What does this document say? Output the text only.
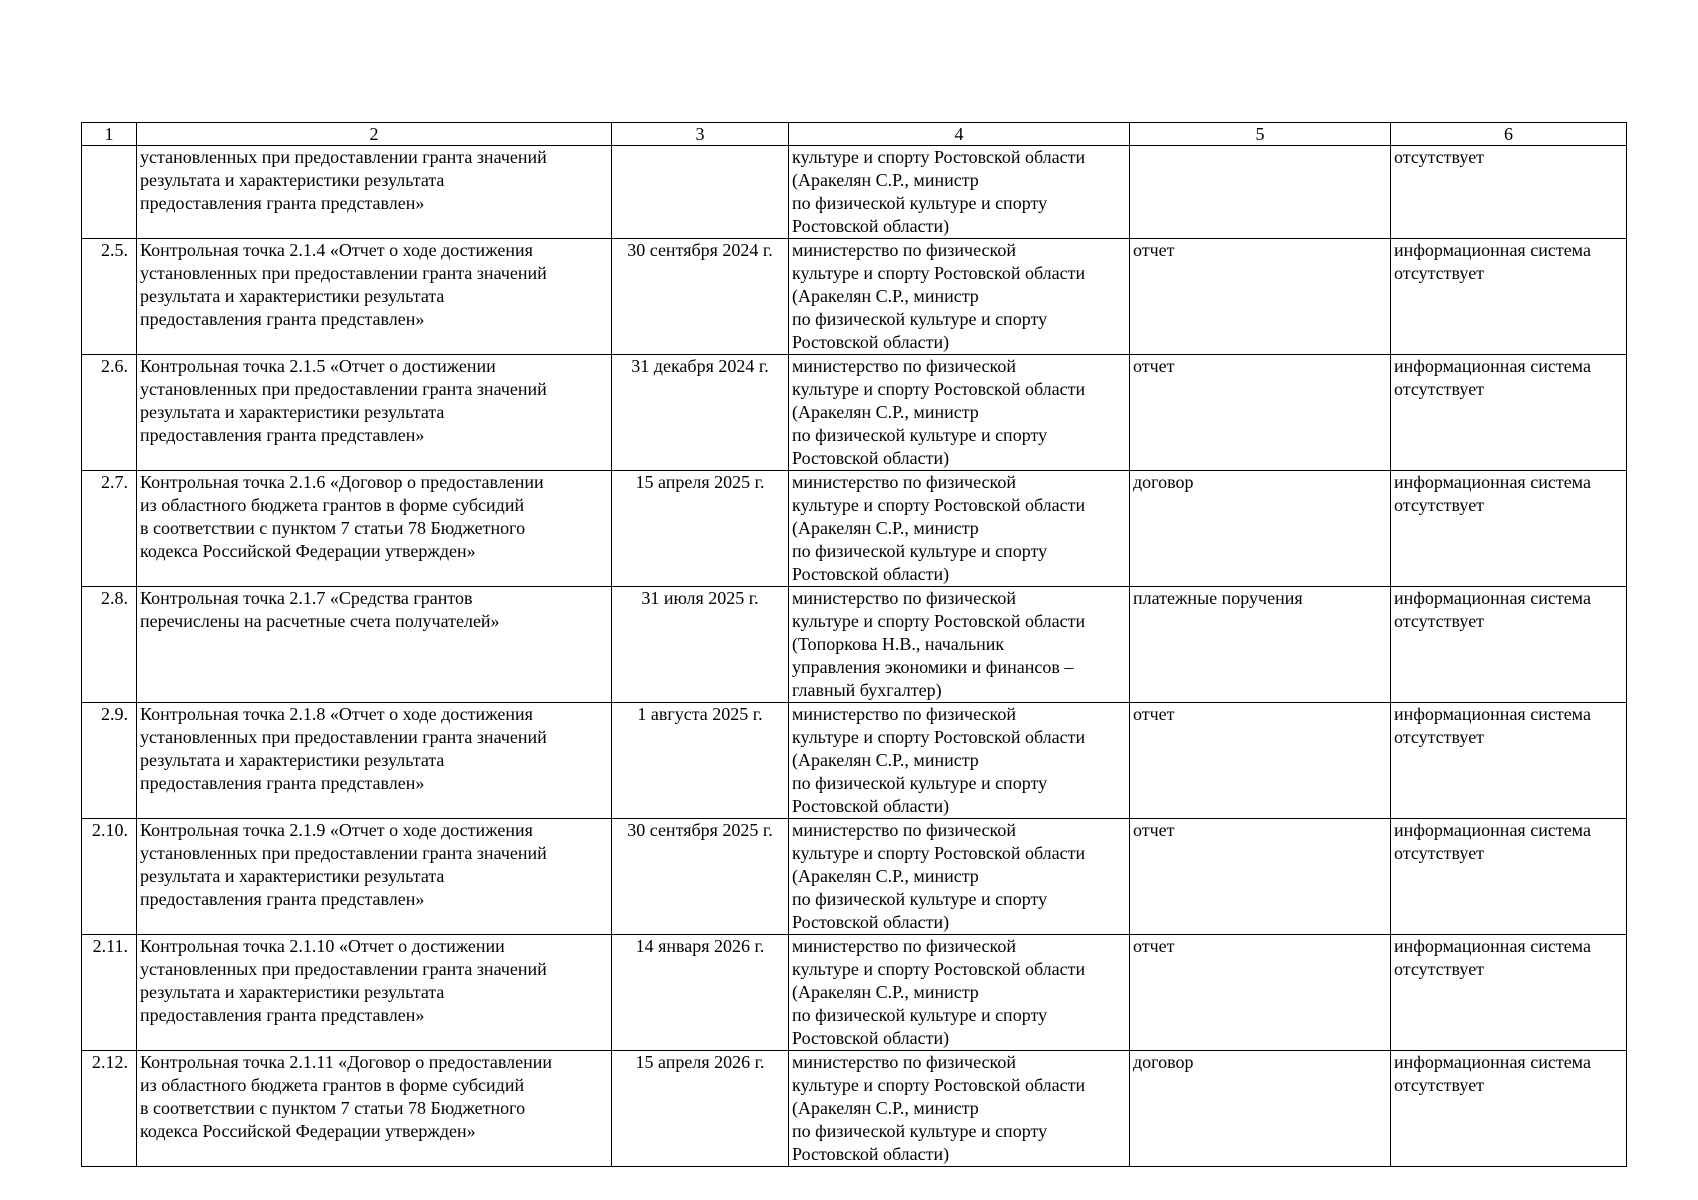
1	2	3	4	5	6
	установленных при предоставлении гранта значений
результата и характеристики результата
предоставления гранта представлен»		культуре и спорту Ростовской области
(Аракелян С.Р., министр
по физической культуре и спорту
Ростовской области)		отсутствует
2.5.	Контрольная точка 2.1.4 «Отчет о ходе достижения
установленных при предоставлении гранта значений
результата и характеристики результата
предоставления гранта представлен»	30 сентября 2024 г.	министерство по физической
культуре и спорту Ростовской области
(Аракелян С.Р., министр
по физической культуре и спорту
Ростовской области)	отчет	информационная система
отсутствует
2.6.	Контрольная точка 2.1.5 «Отчет о достижении
установленных при предоставлении гранта значений
результата и характеристики результата
предоставления гранта представлен»	31 декабря 2024 г.	министерство по физической
культуре и спорту Ростовской области
(Аракелян С.Р., министр
по физической культуре и спорту
Ростовской области)	отчет	информационная система
отсутствует
2.7.	Контрольная точка 2.1.6 «Договор о предоставлении
из областного бюджета грантов в форме субсидий
в соответствии с пунктом 7 статьи 78 Бюджетного
кодекса Российской Федерации утвержден»	15 апреля 2025 г.	министерство по физической
культуре и спорту Ростовской области
(Аракелян С.Р., министр
по физической культуре и спорту
Ростовской области)	договор	информационная система
отсутствует
2.8.	Контрольная точка 2.1.7 «Средства грантов
перечислены на расчетные счета получателей»	31 июля 2025 г.	министерство по физической
культуре и спорту Ростовской области
(Топоркова Н.В., начальник
управления экономики и финансов –
главный бухгалтер)	платежные поручения	информационная система
отсутствует
2.9.	Контрольная точка 2.1.8 «Отчет о ходе достижения
установленных при предоставлении гранта значений
результата и характеристики результата
предоставления гранта представлен»	1 августа 2025 г.	министерство по физической
культуре и спорту Ростовской области
(Аракелян С.Р., министр
по физической культуре и спорту
Ростовской области)	отчет	информационная система
отсутствует
2.10.	Контрольная точка 2.1.9 «Отчет о ходе достижения
установленных при предоставлении гранта значений
результата и характеристики результата
предоставления гранта представлен»	30 сентября 2025 г.	министерство по физической
культуре и спорту Ростовской области
(Аракелян С.Р., министр
по физической культуре и спорту
Ростовской области)	отчет	информационная система
отсутствует
2.11.	Контрольная точка 2.1.10 «Отчет о достижении
установленных при предоставлении гранта значений
результата и характеристики результата
предоставления гранта представлен»	14 января 2026 г.	министерство по физической
культуре и спорту Ростовской области
(Аракелян С.Р., министр
по физической культуре и спорту
Ростовской области)	отчет	информационная система
отсутствует
2.12.	Контрольная точка 2.1.11 «Договор о предоставлении
из областного бюджета грантов в форме субсидий
в соответствии с пунктом 7 статьи 78 Бюджетного
кодекса Российской Федерации утвержден»	15 апреля 2026 г.	министерство по физической
культуре и спорту Ростовской области
(Аракелян С.Р., министр
по физической культуре и спорту
Ростовской области)	договор	информационная система
отсутствует
